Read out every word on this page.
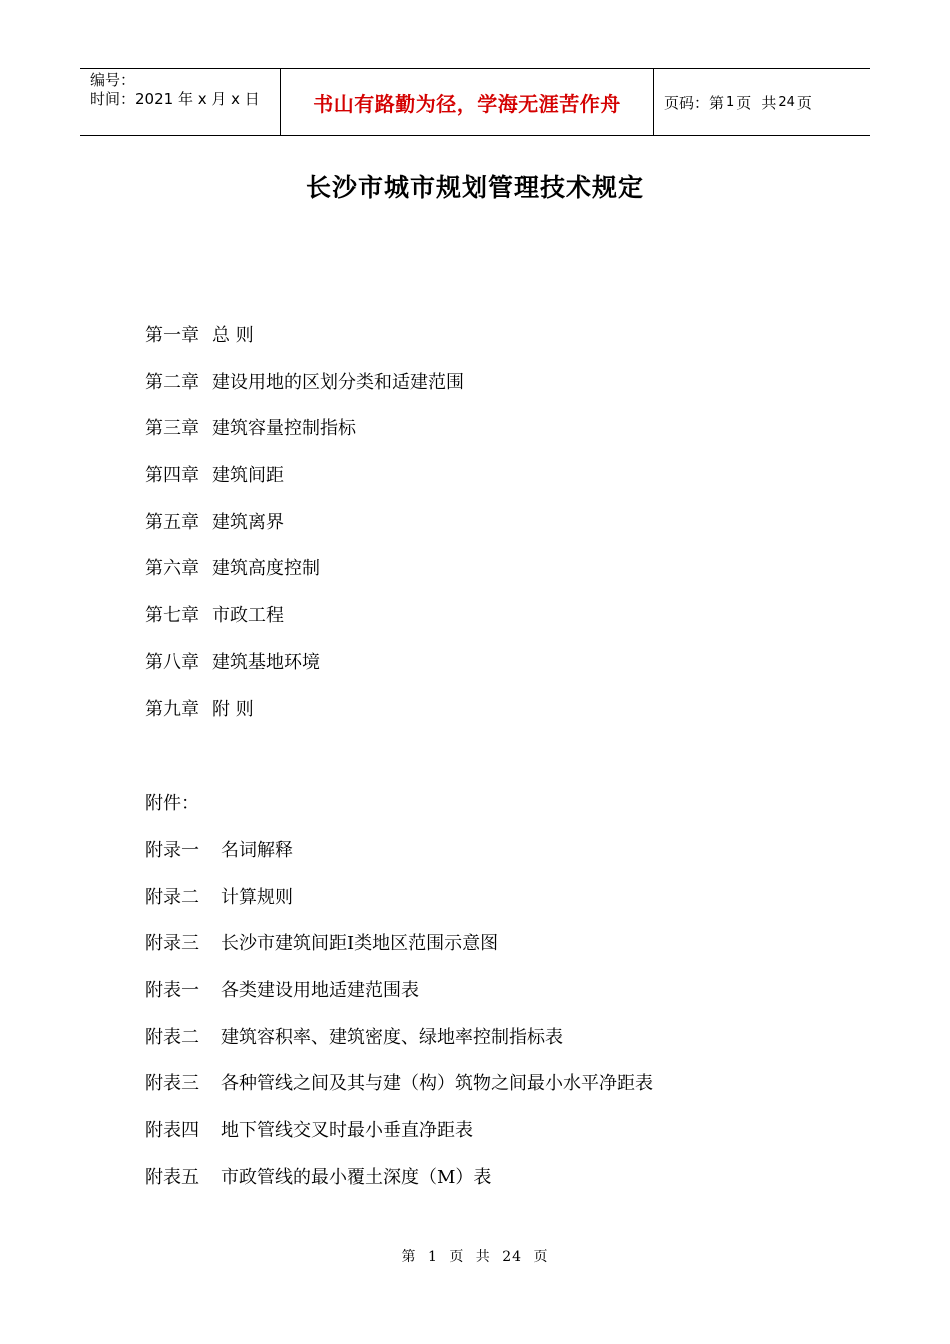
编号：
时间：2021 年 x 月 x 日	书山有路勤为径，学海无涯苦作舟	页码：第 1 页 共 24 页
长沙市城市规划管理技术规定
第一章 总 则
第二章 建设用地的区划分类和适建范围
第三章 建筑容量控制指标
第四章 建筑间距
第五章 建筑离界
第六章 建筑高度控制
第七章 市政工程
第八章 建筑基地环境
第九章 附 则
附件：
附录一 名词解释
附录二 计算规则
附录三 长沙市建筑间距Ⅰ类地区范围示意图
附表一 各类建设用地适建范围表
附表二 建筑容积率、建筑密度、绿地率控制指标表
附表三 各种管线之间及其与建（构）筑物之间最小水平净距表
附表四 地下管线交叉时最小垂直净距表
附表五 市政管线的最小覆土深度（M）表
第 1 页 共 24 页
